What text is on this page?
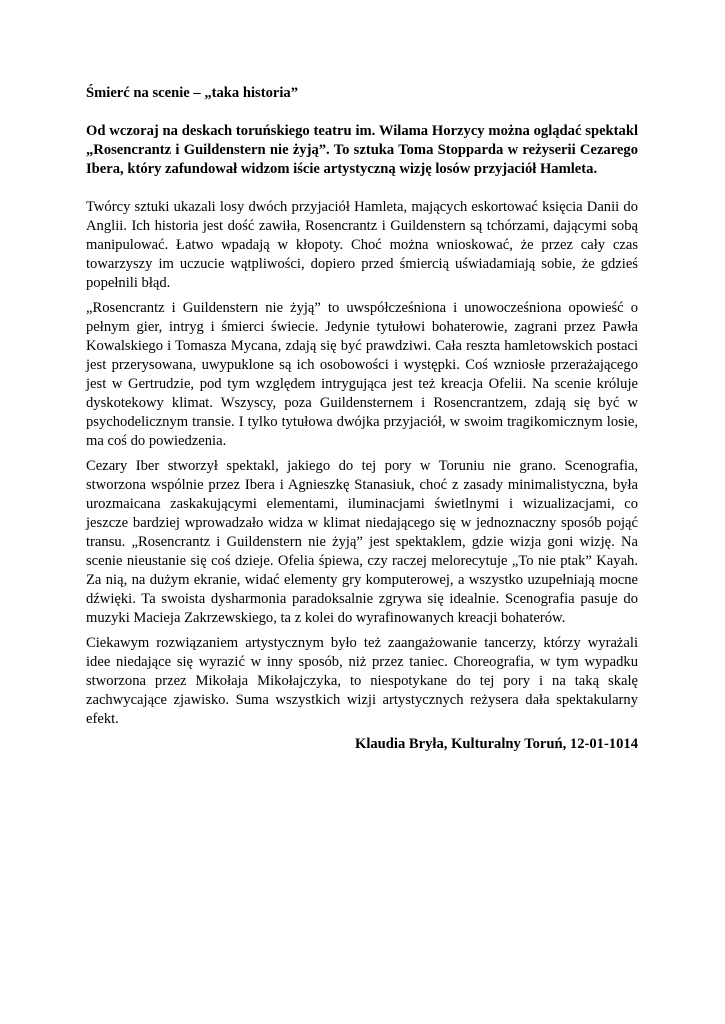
Śmierć na scenie – „taka historia”

Od wczoraj na deskach toruńskiego teatru im. Wilama Horzycy można oglądać spektakl „Rosencrantz i Guildenstern nie żyją”. To sztuka Toma Stopparda w reżyserii Cezarego Ibera, który zafundował widzom iście artystyczną wizję losów przyjaciół Hamleta.

Twórcy sztuki ukazali losy dwóch przyjaciół Hamleta, mających eskortować księcia Danii do Anglii. Ich historia jest dość zawiła, Rosencrantz i Guildenstern są tchórzami, dającymi sobą manipulować. Łatwo wpadają w kłopoty. Choć można wnioskować, że przez cały czas towarzyszy im uczucie wątpliwości, dopiero przed śmiercią uświadamiają sobie, że gdzieś popełnili błąd.

„Rosencrantz i Guildenstern nie żyją” to uwspółcześniona i unowocześniona opowieść o pełnym gier, intryg i śmierci świecie. Jedynie tytułowi bohaterowie, zagrani przez Pawła Kowalskiego i Tomasza Mycana, zdają się być prawdziwi. Cała reszta hamletowskich postaci jest przerysowana, uwypuklone są ich osobowości i występki. Coś wzniosłe przerażającego jest w Gertrudzie, pod tym względem intrygująca jest też kreacja Ofelii. Na scenie króluje dyskotekowy klimat. Wszyscy, poza Guildensternem i Rosencrantzem, zdają się być w psychodelicznym transie. I tylko tytułowa dwójka przyjaciół, w swoim tragikomicznym losie, ma coś do powiedzenia.

Cezary Iber stworzył spektakl, jakiego do tej pory w Toruniu nie grano. Scenografia, stworzona wspólnie przez Ibera i Agnieszkę Stanasiuk, choć z zasady minimalistyczna, była urozmaicana zaskakującymi elementami, iluminacjami świetlnymi i wizualizacjami, co jeszcze bardziej wprowadzało widza w klimat niedającego się w jednoznaczny sposób pojąć transu. „Rosencrantz i Guildenstern nie żyją” jest spektaklem, gdzie wizja goni wizję. Na scenie nieustanie się coś dzieje. Ofelia śpiewa, czy raczej melorecytuje „To nie ptak” Kayah. Za nią, na dużym ekranie, widać elementy gry komputerowej, a wszystko uzupełniają mocne dźwięki. Ta swoista dysharmonia paradoksalnie zgrywa się idealnie. Scenografia pasuje do muzyki Macieja Zakrzewskiego, ta z kolei do wyrafinowanych kreacji bohaterów.

Ciekawym rozwiązaniem artystycznym było też zaangażowanie tancerzy, którzy wyrażali idee niedające się wyrazić w inny sposób, niż przez taniec. Choreografia, w tym wypadku stworzona przez Mikołaja Mikołajczyka, to niespotykane do tej pory i na taką skalę zachwycające zjawisko. Suma wszystkich wizji artystycznych reżysera dała spektakularny efekt.

Klaudia Bryła, Kulturalny Toruń, 12-01-1014
